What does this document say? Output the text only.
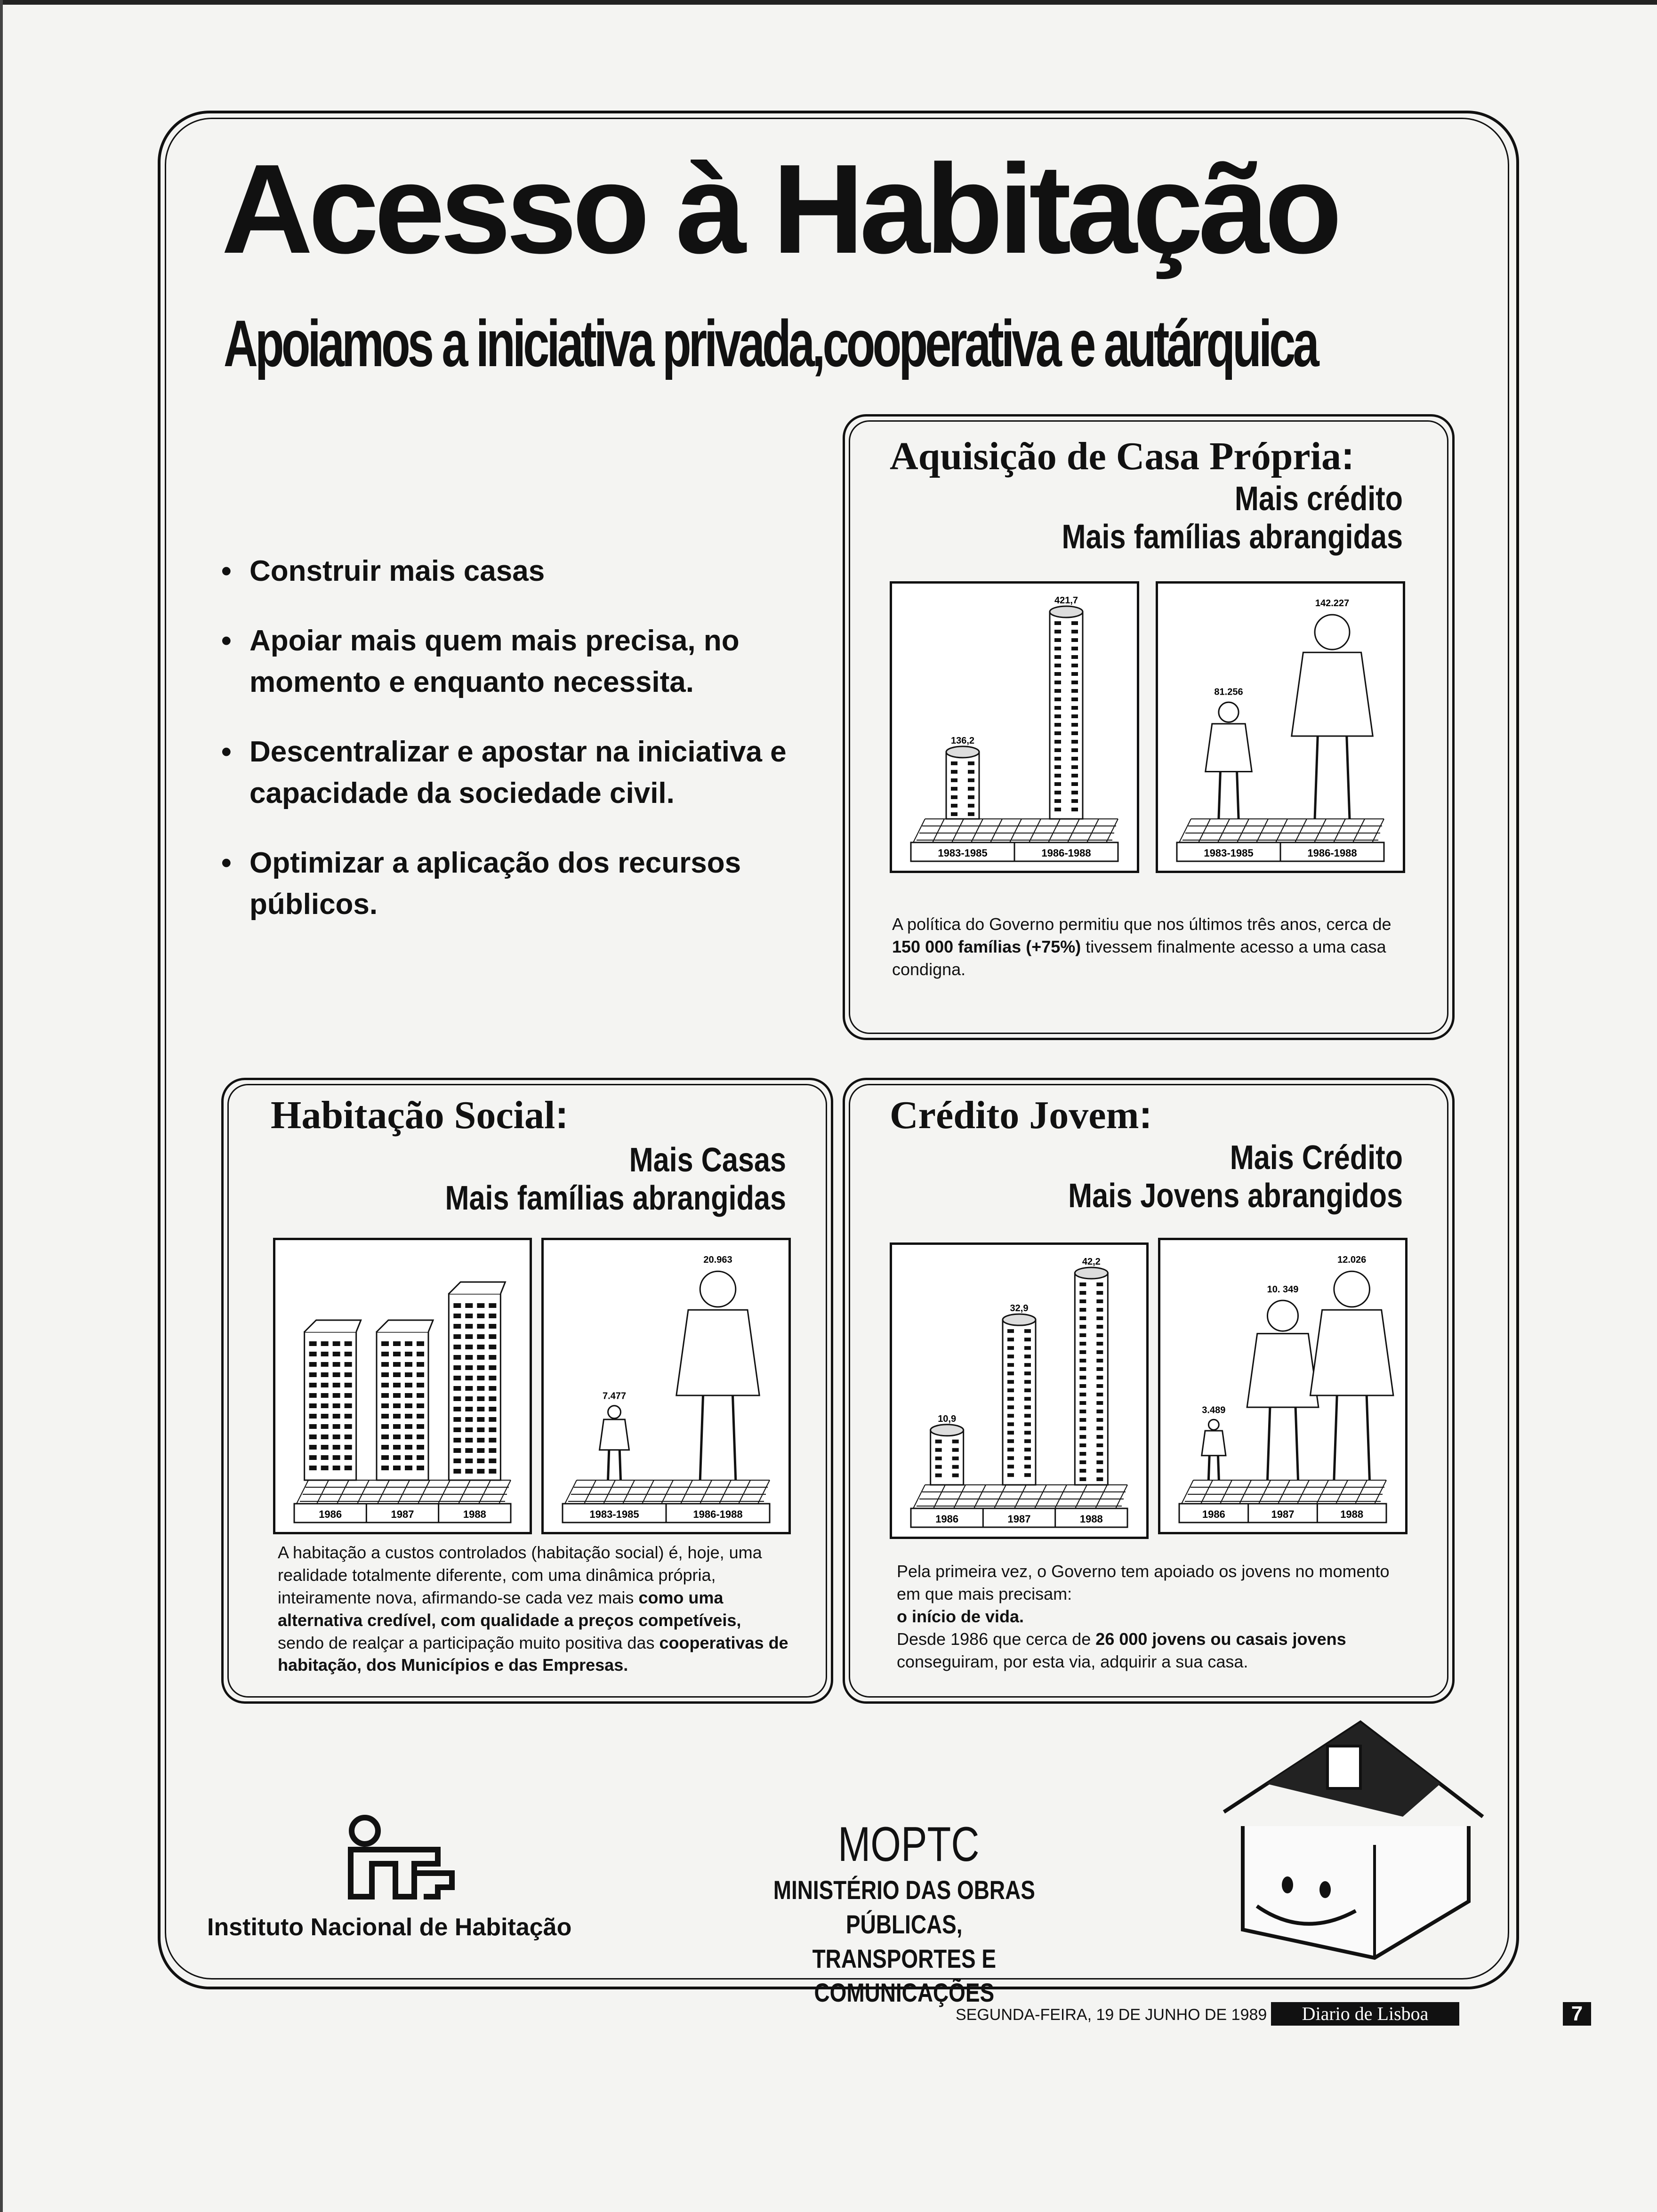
Acesso à Habitação
Apoiamos a iniciativa privada,cooperativa e autárquica
• Construir mais casas
• Apoiar mais quem mais precisa, no momento e enquanto necessita.
• Descentralizar e apostar na iniciativa e capacidade da sociedade civil.
• Optimizar a aplicação dos recursos públicos.
Aquisição de Casa Própria:
Mais crédito
Mais famílias abrangidas
1983-1985	1986-1988
136,2
421,7
1983-1985	1986-1988
81.256
142.227
A política do Governo permitiu que nos últimos três anos, cerca de 150 000 famílias (+75%) tivessem finalmente acesso a uma casa condigna.
Habitação Social:
Mais Casas
Mais famílias abrangidas
1986	1987	1988	1983-1985	1986-1988
7.477
20.963
A habitação a custos controlados (habitação social) é, hoje, uma realidade totalmente diferente, com uma dinâmica própria, inteiramente nova, afirmando-se cada vez mais como uma alternativa credível, com qualidade a preços competíveis, sendo de realçar a participação muito positiva das cooperativas de habitação, dos Municípios e das Empresas.
Crédito Jovem:
Mais Crédito
Mais Jovens abrangidos
1986	1987	1988
10,9
32,9
42,2
1986	1987	1988
3.489
10. 349
12.026
Pela primeira vez, o Governo tem apoiado os jovens no momento em que mais precisam:
o início de vida.
Desde 1986 que cerca de 26 000 jovens ou casais jovens conseguiram, por esta via, adquirir a sua casa.
Instituto Nacional de Habitação
MOPTC
MINISTÉRIO DAS OBRAS PÚBLICAS,
TRANSPORTES E COMUNICAÇÕES
SEGUNDA-FEIRA, 19 DE JUNHO DE 1989	Diario de Lisboa	7
